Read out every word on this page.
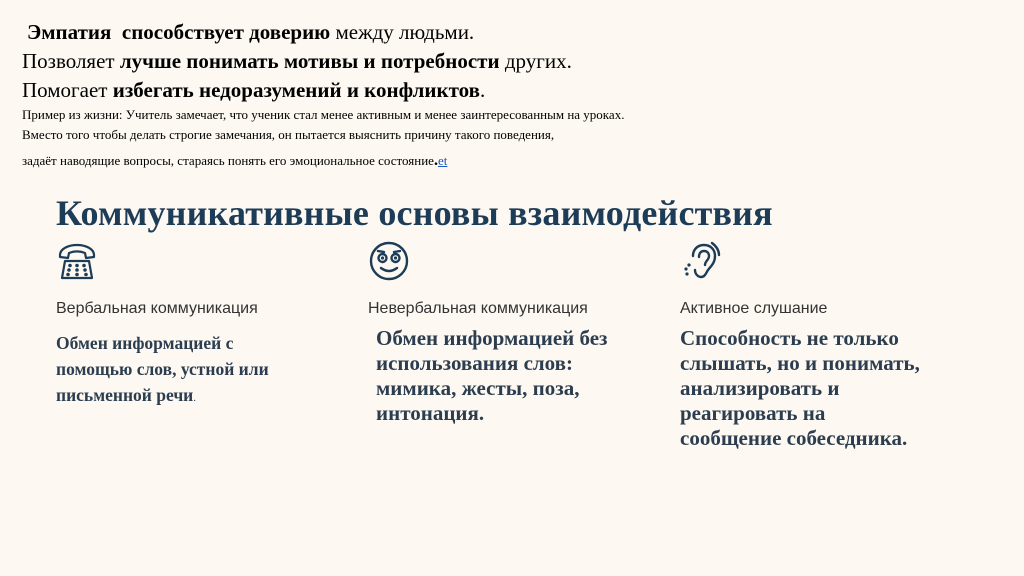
Эмпатия способствует доверию между людьми.
Позволяет лучше понимать мотивы и потребности других.
Помогает избегать недоразумений и конфликтов.
Пример из жизни: Учитель замечает, что ученик стал менее активным и менее заинтересованным на уроках.
Вместо того чтобы делать строгие замечания, он пытается выяснить причину такого поведения,
задаёт наводящие вопросы, стараясь понять его эмоциональное состояние.et
Коммуникативные основы взаимодействия
Вербальная коммуникация
Обмен информацией с
помощью слов, устной или
письменной речи.
Невербальная коммуникация
Обмен информацией без
использования слов:
мимика, жесты, поза,
интонация.
Активное слушание
Способность не только
слышать, но и понимать,
анализировать и
реагировать на
сообщение собеседника.
